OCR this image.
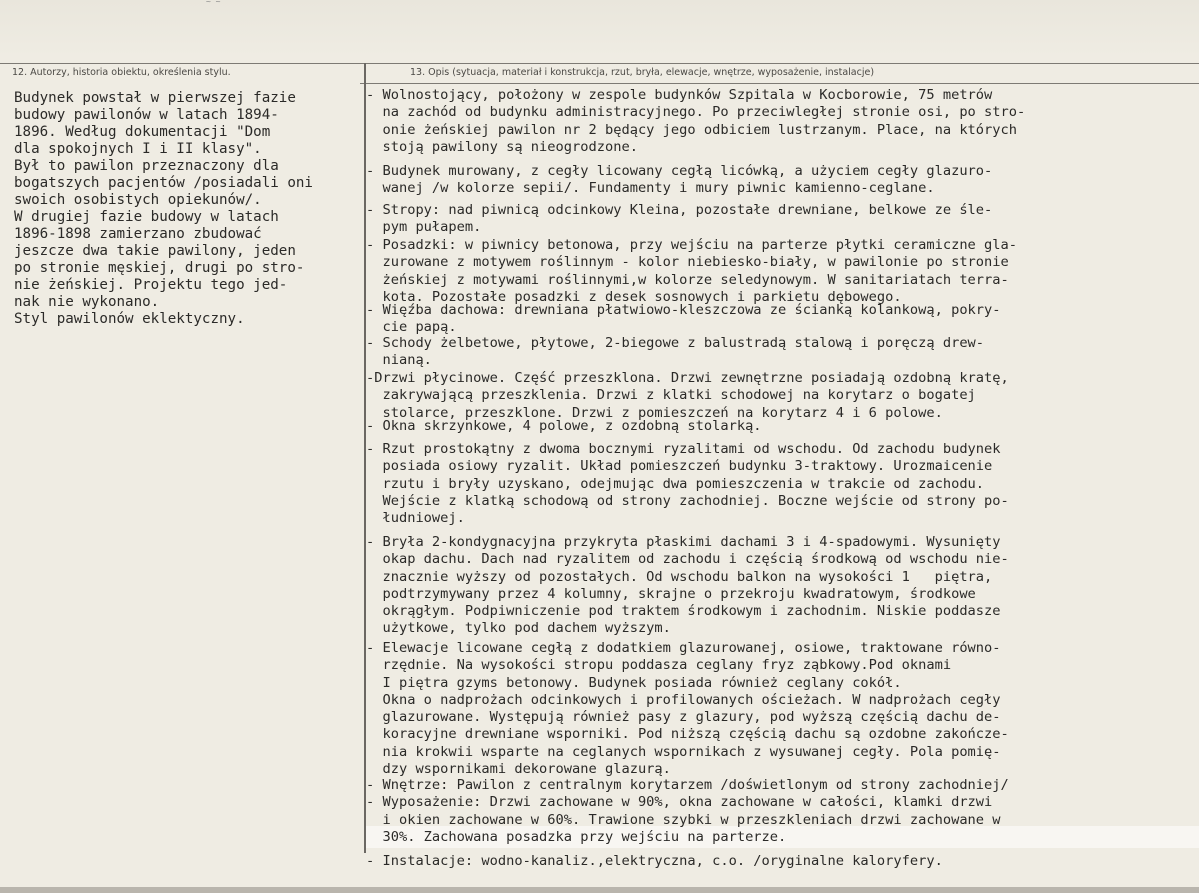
~ ~
12. Autorzy, historia obiektu, określenia stylu.	13. Opis (sytuacja, materiał i konstrukcja, rzut, bryła, elewacje, wnętrze, wyposażenie, instalacje)
Budynek powstał w pierwszej fazie
budowy pawilonów w latach 1894-
1896. Według dokumentacji "Dom
dla spokojnych I i II klasy".
Był to pawilon przeznaczony dla
bogatszych pacjentów /posiadali oni
swoich osobistych opiekunów/.
W drugiej fazie budowy w latach
1896-1898 zamierzano zbudować
jeszcze dwa takie pawilony, jeden
po stronie męskiej, drugi po stro-
nie żeńskiej. Projektu tego jed-
nak nie wykonano.
Styl pawilonów eklektyczny.
- Wolnostojący, położony w zespole budynków Szpitala w Kocborowie, 75 metrów
na zachód od budynku administracyjnego. Po przeciwległej stronie osi, po stro-
onie żeńskiej pawilon nr 2 będący jego odbiciem lustrzanym. Place, na których
stoją pawilony są nieogrodzone.
- Budynek murowany, z cegły licowany cegłą licówką, a użyciem cegły glazuro-
wanej /w kolorze sepii/. Fundamenty i mury piwnic kamienno-ceglane.
- Stropy: nad piwnicą odcinkowy Kleina, pozostałe drewniane, belkowe ze śle-
pym pułapem.
- Posadzki: w piwnicy betonowa, przy wejściu na parterze płytki ceramiczne gla-
zurowane z motywem roślinnym - kolor niebiesko-biały, w pawilonie po stronie
żeńskiej z motywami roślinnymi,w kolorze seledynowym. W sanitariatach terra-
kota. Pozostałe posadzki z desek sosnowych i parkietu dębowego.
- Więźba dachowa: drewniana płatwiowo-kleszczowa ze ścianką kolankową, pokry-
cie papą.
- Schody żelbetowe, płytowe, 2-biegowe z balustradą stalową i poręczą drew-
nianą.
-Drzwi płycinowe. Część przeszklona. Drzwi zewnętrzne posiadają ozdobną kratę,
zakrywającą przeszklenia. Drzwi z klatki schodowej na korytarz o bogatej
stolarce, przeszklone. Drzwi z pomieszczeń na korytarz 4 i 6 polowe.
- Okna skrzynkowe, 4 polowe, z ozdobną stolarką.
- Rzut prostokątny z dwoma bocznymi ryzalitami od wschodu. Od zachodu budynek
posiada osiowy ryzalit. Układ pomieszczeń budynku 3-traktowy. Urozmaicenie
rzutu i bryły uzyskano, odejmując dwa pomieszczenia w trakcie od zachodu.
Wejście z klatką schodową od strony zachodniej. Boczne wejście od strony po-
łudniowej.
- Bryła 2-kondygnacyjna przykryta płaskimi dachami 3 i 4-spadowymi. Wysunięty
okap dachu. Dach nad ryzalitem od zachodu i częścią środkową od wschodu nie-
znacznie wyższy od pozostałych. Od wschodu balkon na wysokości 1   piętra,
podtrzymywany przez 4 kolumny, skrajne o przekroju kwadratowym, środkowe
okrągłym. Podpiwniczenie pod traktem środkowym i zachodnim. Niskie poddasze
użytkowe, tylko pod dachem wyższym.
- Elewacje licowane cegłą z dodatkiem glazurowanej, osiowe, traktowane równo-
rzędnie. Na wysokości stropu poddasza ceglany fryz ząbkowy.Pod oknami
I piętra gzyms betonowy. Budynek posiada również ceglany cokół.
Okna o nadprożach odcinkowych i profilowanych ościeżach. W nadprożach cegły
glazurowane. Występują również pasy z glazury, pod wyższą częścią dachu de-
koracyjne drewniane wsporniki. Pod niższą częścią dachu są ozdobne zakończe-
nia krokwii wsparte na ceglanych wspornikach z wysuwanej cegły. Pola pomię-
dzy wspornikami dekorowane glazurą.
- Wnętrze: Pawilon z centralnym korytarzem /doświetlonym od strony zachodniej/
- Wyposażenie: Drzwi zachowane w 90%, okna zachowane w całości, klamki drzwi
i okien zachowane w 60%. Trawione szybki w przeszkleniach drzwi zachowane w
30%. Zachowana posadzka przy wejściu na parterze.
- Instalacje: wodno-kanaliz.,elektryczna, c.o. /oryginalne kaloryfery.
